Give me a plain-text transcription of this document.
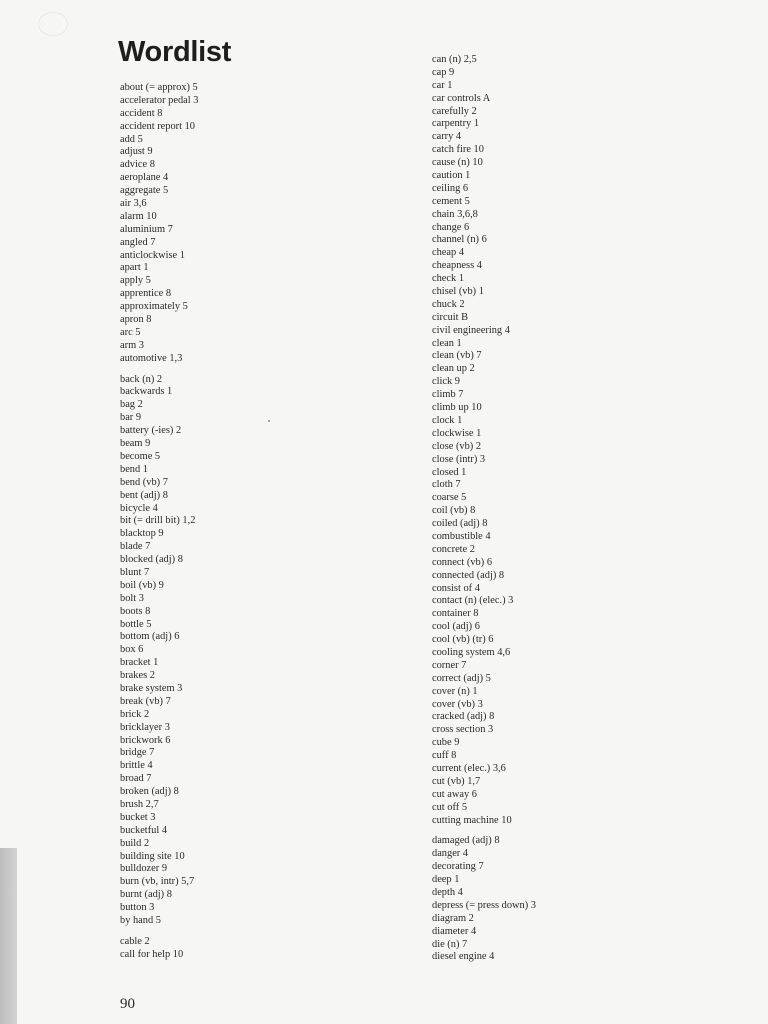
Wordlist
about (= approx) 5
accelerator pedal 3
accident 8
accident report 10
add 5
adjust 9
advice 8
aeroplane 4
aggregate 5
air 3,6
alarm 10
aluminium 7
angled 7
anticlockwise 1
apart 1
apply 5
apprentice 8
approximately 5
apron 8
arc 5
arm 3
automotive 1,3
back (n) 2
backwards 1
bag 2
bar 9
battery (-ies) 2
beam 9
become 5
bend 1
bend (vb) 7
bent (adj) 8
bicycle 4
bit (= drill bit) 1,2
blacktop 9
blade 7
blocked (adj) 8
blunt 7
boil (vb) 9
bolt 3
boots 8
bottle 5
bottom (adj) 6
box 6
bracket 1
brakes 2
brake system 3
break (vb) 7
brick 2
bricklayer 3
brickwork 6
bridge 7
brittle 4
broad 7
broken (adj) 8
brush 2,7
bucket 3
bucketful 4
build 2
building site 10
bulldozer 9
burn (vb, intr) 5,7
burnt (adj) 8
button 3
by hand 5
cable 2
call for help 10
can (n) 2,5
cap 9
car 1
car controls A
carefully 2
carpentry 1
carry 4
catch fire 10
cause (n) 10
caution 1
ceiling 6
cement 5
chain 3,6,8
change 6
channel (n) 6
cheap 4
cheapness 4
check 1
chisel (vb) 1
chuck 2
circuit B
civil engineering 4
clean 1
clean (vb) 7
clean up 2
click 9
climb 7
climb up 10
clock 1
clockwise 1
close (vb) 2
close (intr) 3
closed 1
cloth 7
coarse 5
coil (vb) 8
coiled (adj) 8
combustible 4
concrete 2
connect (vb) 6
connected (adj) 8
consist of 4
contact (n) (elec.) 3
container 8
cool (adj) 6
cool (vb) (tr) 6
cooling system 4,6
corner 7
correct (adj) 5
cover (n) 1
cover (vb) 3
cracked (adj) 8
cross section 3
cube 9
cuff 8
current (elec.) 3,6
cut (vb) 1,7
cut away 6
cut off 5
cutting machine 10
damaged (adj) 8
danger 4
decorating 7
deep 1
depth 4
depress (= press down) 3
diagram 2
diameter 4
die (n) 7
diesel engine 4
90
